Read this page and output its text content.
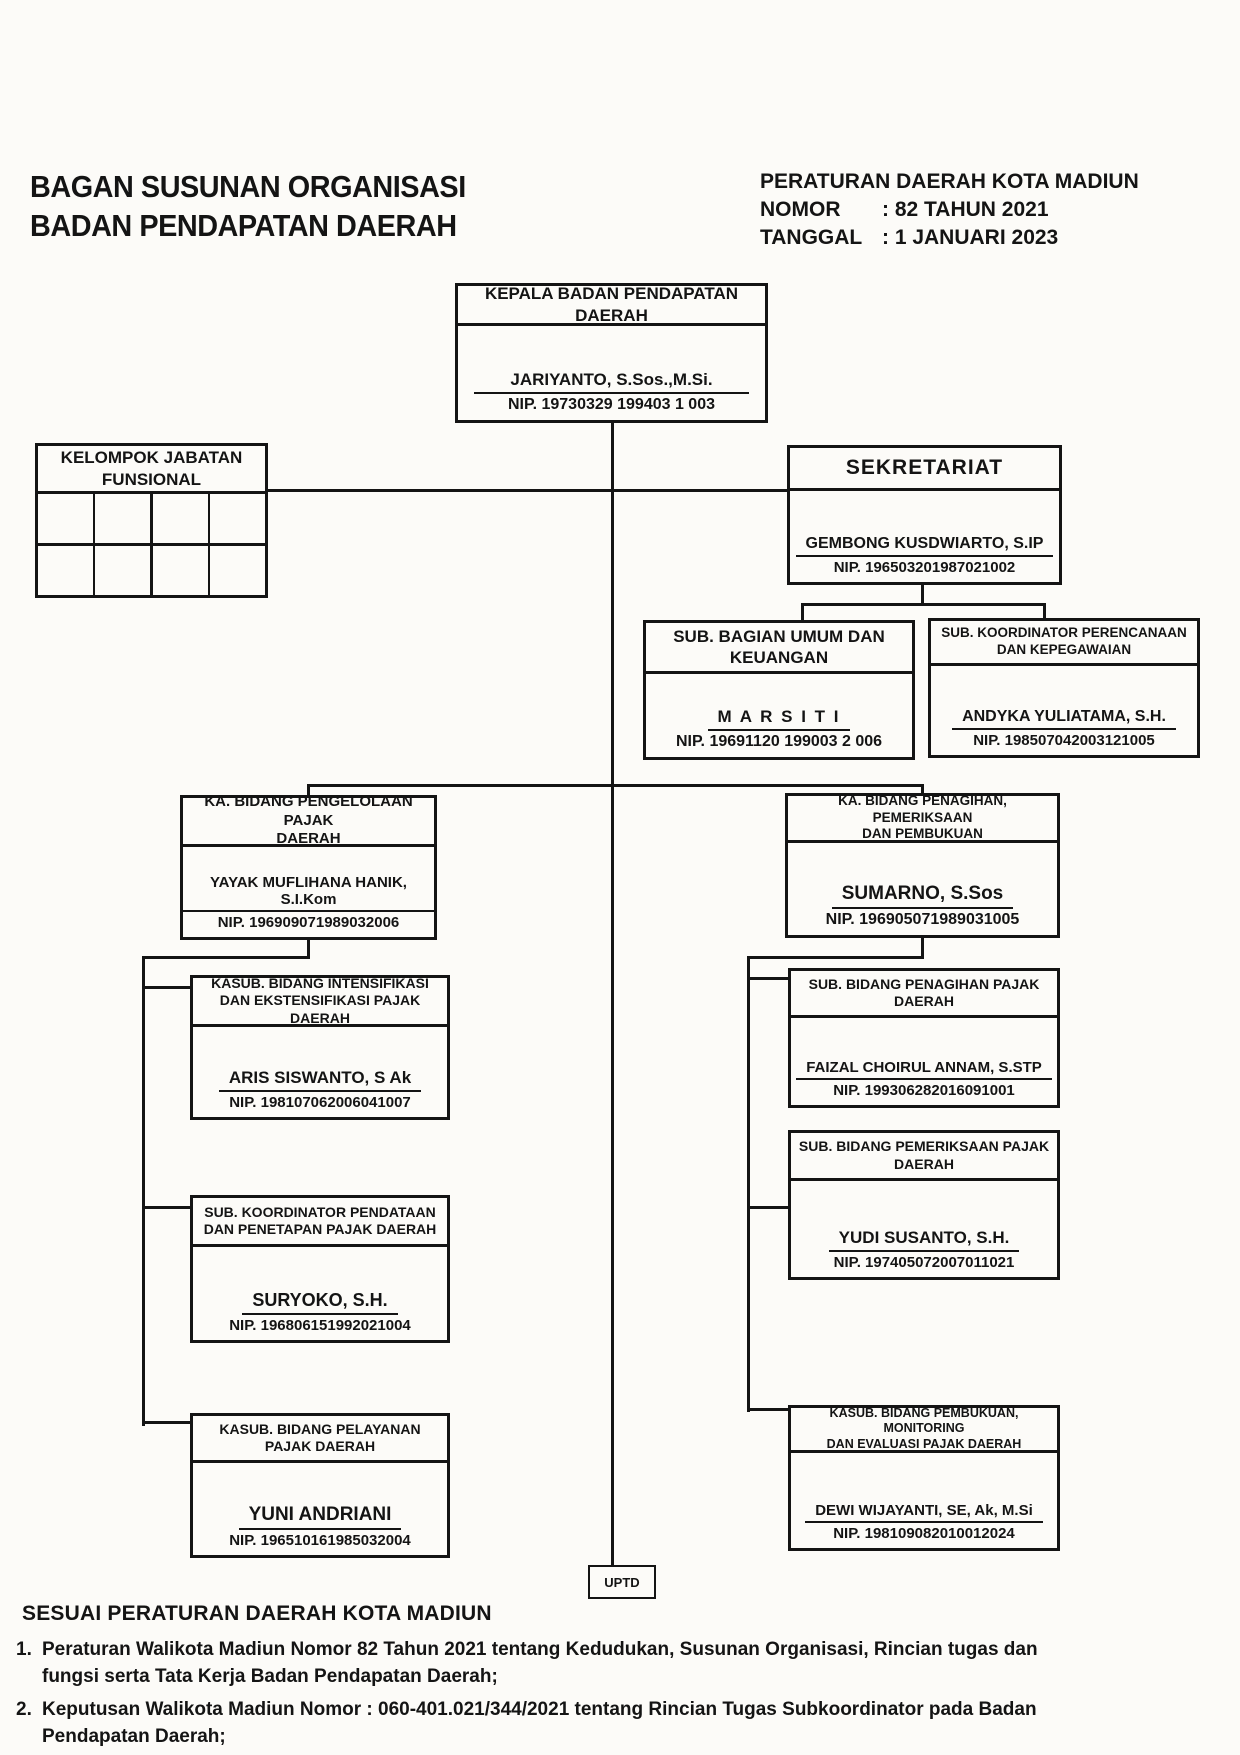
BAGAN SUSUNAN ORGANISASI
BADAN PENDAPATAN DAERAH
PERATURAN DAERAH KOTA MADIUN
NOMOR	: 82 TAHUN 2021
TANGGAL : 1 JANUARI 2023
KEPALA BADAN PENDAPATAN DAERAH
JARIYANTO, S.Sos.,M.Si.
NIP. 19730329 199403 1 003
KELOMPOK JABATAN
FUNSIONAL
SEKRETARIAT
GEMBONG KUSDWIARTO, S.IP
NIP. 196503201987021002
SUB. BAGIAN UMUM DAN
KEUANGAN
M A R S I T I
NIP. 19691120 199003 2 006
SUB. KOORDINATOR PERENCANAAN
DAN KEPEGAWAIAN
ANDYKA YULIATAMA, S.H.
NIP. 198507042003121005
KA. BIDANG PENGELOLAAN PAJAK
DAERAH
YAYAK MUFLIHANA HANIK, S.I.Kom
NIP. 196909071989032006
KA. BIDANG PENAGIHAN, PEMERIKSAAN
DAN PEMBUKUAN
SUMARNO, S.Sos
NIP. 196905071989031005
KASUB. BIDANG INTENSIFIKASI
DAN EKSTENSIFIKASI PAJAK DAERAH
ARIS SISWANTO, S Ak
NIP. 198107062006041007
SUB. KOORDINATOR PENDATAAN
DAN PENETAPAN PAJAK DAERAH
SURYOKO, S.H.
NIP. 196806151992021004
KASUB. BIDANG PELAYANAN
PAJAK DAERAH
YUNI ANDRIANI
NIP. 196510161985032004
SUB. BIDANG PENAGIHAN PAJAK
DAERAH
FAIZAL CHOIRUL ANNAM, S.STP
NIP. 199306282016091001
SUB. BIDANG PEMERIKSAAN PAJAK
DAERAH
YUDI SUSANTO, S.H.
NIP. 197405072007011021
KASUB. BIDANG PEMBUKUAN, MONITORING
DAN EVALUASI PAJAK DAERAH
DEWI WIJAYANTI, SE, Ak, M.Si
NIP. 198109082010012024
UPTD
SESUAI PERATURAN DAERAH KOTA MADIUN
1. Peraturan Walikota Madiun Nomor 82 Tahun 2021 tentang Kedudukan, Susunan Organisasi, Rincian tugas dan fungsi serta Tata Kerja Badan Pendapatan Daerah;
2. Keputusan Walikota Madiun Nomor : 060-401.021/344/2021 tentang Rincian Tugas Subkoordinator pada Badan Pendapatan Daerah;
